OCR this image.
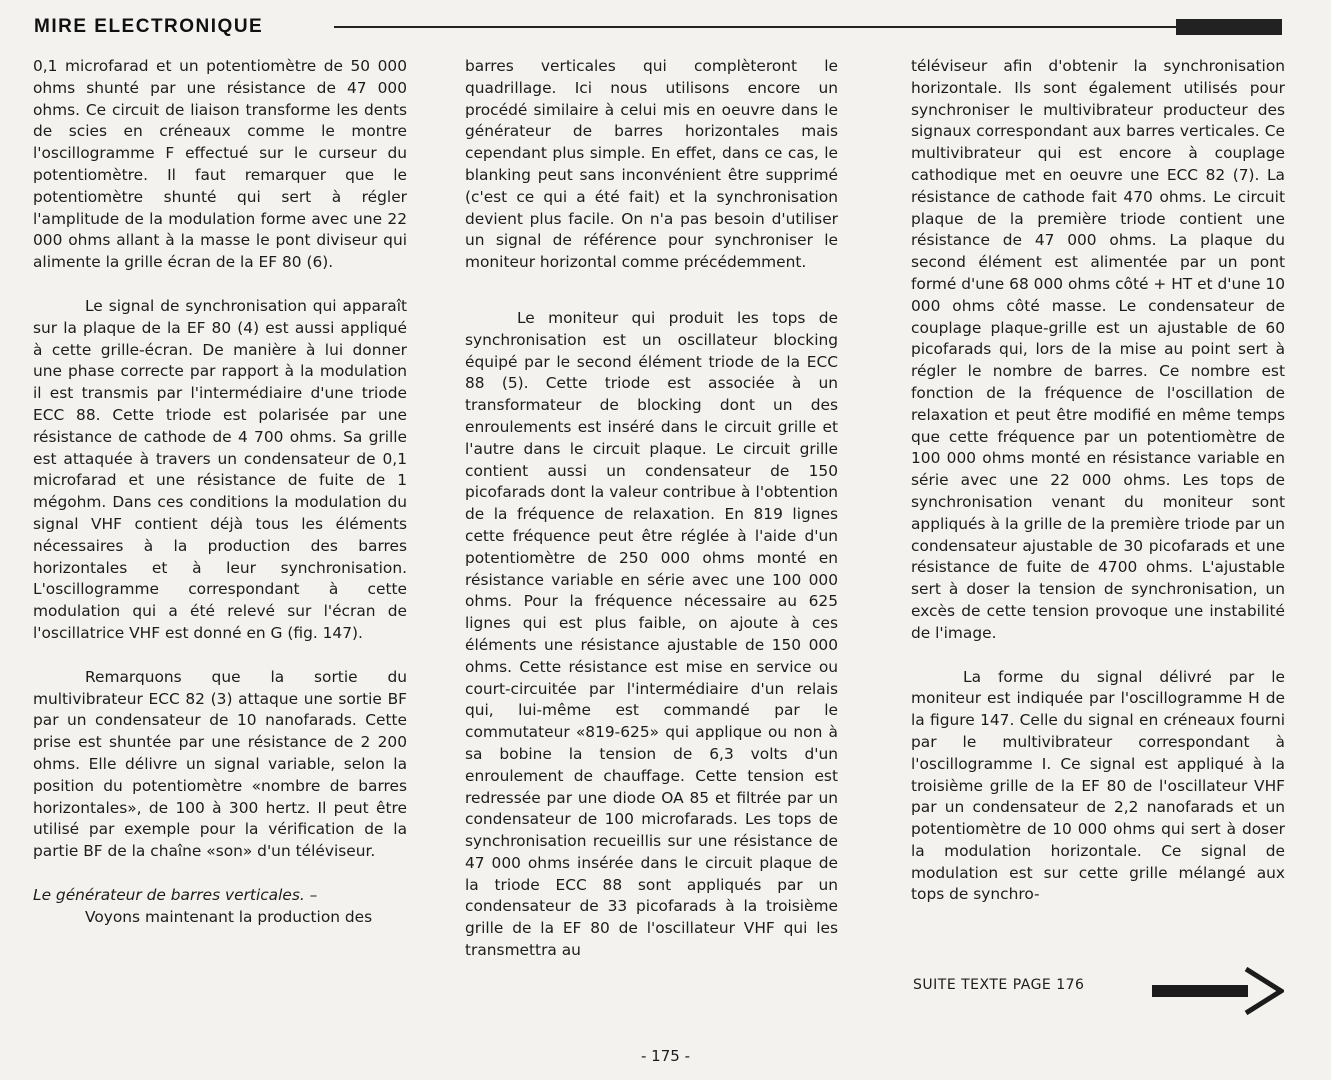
MIRE ELECTRONIQUE

0,1 microfarad et un potentiomètre de 50 000 ohms shunté par une résistance de 47 000 ohms. Ce circuit de liaison transforme les dents de scies en créneaux comme le montre l'oscillogramme F effectué sur le curseur du potentiomètre. Il faut remarquer que le potentiomètre shunté qui sert à régler l'amplitude de la modulation forme avec une 22 000 ohms allant à la masse le pont diviseur qui alimente la grille écran de la EF 80 (6).

Le signal de synchronisation qui apparaît sur la plaque de la EF 80 (4) est aussi appliqué à cette grille-écran. De manière à lui donner une phase correcte par rapport à la modulation il est transmis par l'intermédiaire d'une triode ECC 88. Cette triode est polarisée par une résistance de cathode de 4 700 ohms. Sa grille est attaquée à travers un condensateur de 0,1 microfarad et une résistance de fuite de 1 mégohm. Dans ces conditions la modulation du signal VHF contient déjà tous les éléments nécessaires à la production des barres horizontales et à leur synchronisation. L'oscillogramme correspondant à cette modulation qui a été relevé sur l'écran de l'oscillatrice VHF est donné en G (fig. 147).

Remarquons que la sortie du multivibrateur ECC 82 (3) attaque une sortie BF par un condensateur de 10 nanofarads. Cette prise est shuntée par une résistance de 2 200 ohms. Elle délivre un signal variable, selon la position du potentiomètre «nombre de barres horizontales», de 100 à 300 hertz. Il peut être utilisé par exemple pour la vérification de la partie BF de la chaîne «son» d'un téléviseur.

Le générateur de barres verticales. –

Voyons maintenant la production des

barres verticales qui complèteront le quadrillage. Ici nous utilisons encore un procédé similaire à celui mis en oeuvre dans le générateur de barres horizontales mais cependant plus simple. En effet, dans ce cas, le blanking peut sans inconvénient être supprimé (c'est ce qui a été fait) et la synchronisation devient plus facile. On n'a pas besoin d'utiliser un signal de référence pour synchroniser le moniteur horizontal comme précédemment.

Le moniteur qui produit les tops de synchronisation est un oscillateur blocking équipé par le second élément triode de la ECC 88 (5). Cette triode est associée à un transformateur de blocking dont un des enroulements est inséré dans le circuit grille et l'autre dans le circuit plaque. Le circuit grille contient aussi un condensateur de 150 picofarads dont la valeur contribue à l'obtention de la fréquence de relaxation. En 819 lignes cette fréquence peut être réglée à l'aide d'un potentiomètre de 250 000 ohms monté en résistance variable en série avec une 100 000 ohms. Pour la fréquence nécessaire au 625 lignes qui est plus faible, on ajoute à ces éléments une résistance ajustable de 150 000 ohms. Cette résistance est mise en service ou court-circuitée par l'intermédiaire d'un relais qui, lui-même est commandé par le commutateur «819-625» qui applique ou non à sa bobine la tension de 6,3 volts d'un enroulement de chauffage. Cette tension est redressée par une diode OA 85 et filtrée par un condensateur de 100 microfarads. Les tops de synchronisation recueillis sur une résistance de 47 000 ohms insérée dans le circuit plaque de la triode ECC 88 sont appliqués par un condensateur de 33 picofarads à la troisième grille de la EF 80 de l'oscillateur VHF qui les transmettra au

téléviseur afin d'obtenir la synchronisation horizontale. Ils sont également utilisés pour synchroniser le multivibrateur producteur des signaux correspondant aux barres verticales. Ce multivibrateur qui est encore à couplage cathodique met en oeuvre une ECC 82 (7). La résistance de cathode fait 470 ohms. Le circuit plaque de la première triode contient une résistance de 47 000 ohms. La plaque du second élément est alimentée par un pont formé d'une 68 000 ohms côté + HT et d'une 10 000 ohms côté masse. Le condensateur de couplage plaque-grille est un ajustable de 60 picofarads qui, lors de la mise au point sert à régler le nombre de barres. Ce nombre est fonction de la fréquence de l'oscillation de relaxation et peut être modifié en même temps que cette fréquence par un potentiomètre de 100 000 ohms monté en résistance variable en série avec une 22 000 ohms. Les tops de synchronisation venant du moniteur sont appliqués à la grille de la première triode par un condensateur ajustable de 30 picofarads et une résistance de fuite de 4700 ohms. L'ajustable sert à doser la tension de synchronisation, un excès de cette tension provoque une instabilité de l'image.

La forme du signal délivré par le moniteur est indiquée par l'oscillogramme H de la figure 147. Celle du signal en créneaux fourni par le multivibrateur correspondant à l'oscillogramme I. Ce signal est appliqué à la troisième grille de la EF 80 de l'oscillateur VHF par un condensateur de 2,2 nanofarads et un potentiomètre de 10 000 ohms qui sert à doser la modulation horizontale. Ce signal de modulation est sur cette grille mélangé aux tops de synchro-

SUITE TEXTE PAGE 176
- 175 -
